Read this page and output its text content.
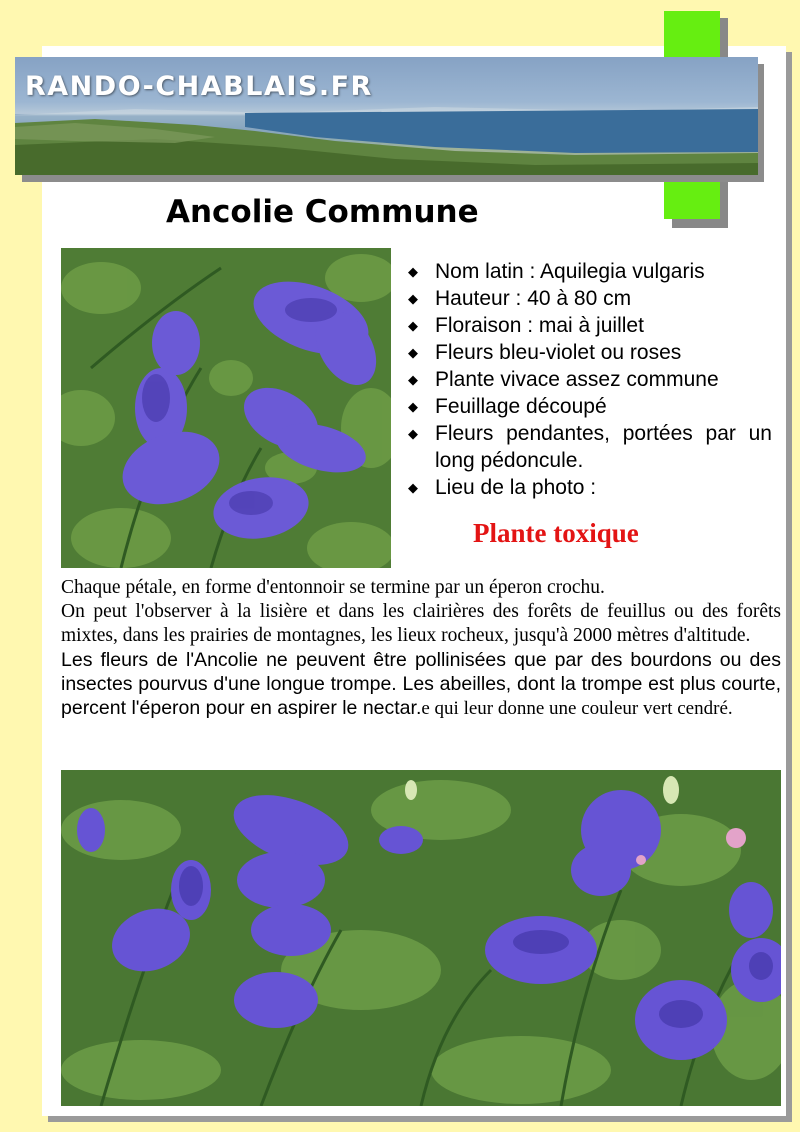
RANDO-CHABLAIS.FR
Ancolie Commune
◆ Nom latin : Aquilegia vulgaris
◆ Hauteur : 40 à 80 cm
◆ Floraison : mai à juillet
◆ Fleurs bleu-violet ou roses
◆ Plante vivace assez commune
◆ Feuillage découpé
◆ Fleurs pendantes, portées par un long pédoncule.
◆ Lieu de la photo :
Plante toxique

Chaque pétale, en forme d'entonnoir se termine par un éperon crochu.

On peut l'observer à la lisière et dans les clairières des forêts de feuillus ou des forêts mixtes, dans les prairies de montagnes, les lieux rocheux, jusqu'à 2000 mètres d'altitude.

Les fleurs de l'Ancolie ne peuvent être pollinisées que par des bourdons ou des insectes pourvus d'une longue trompe. Les abeilles, dont la trompe est plus courte, percent l'éperon pour en aspirer le nectar.e qui leur donne une couleur vert cendré.
